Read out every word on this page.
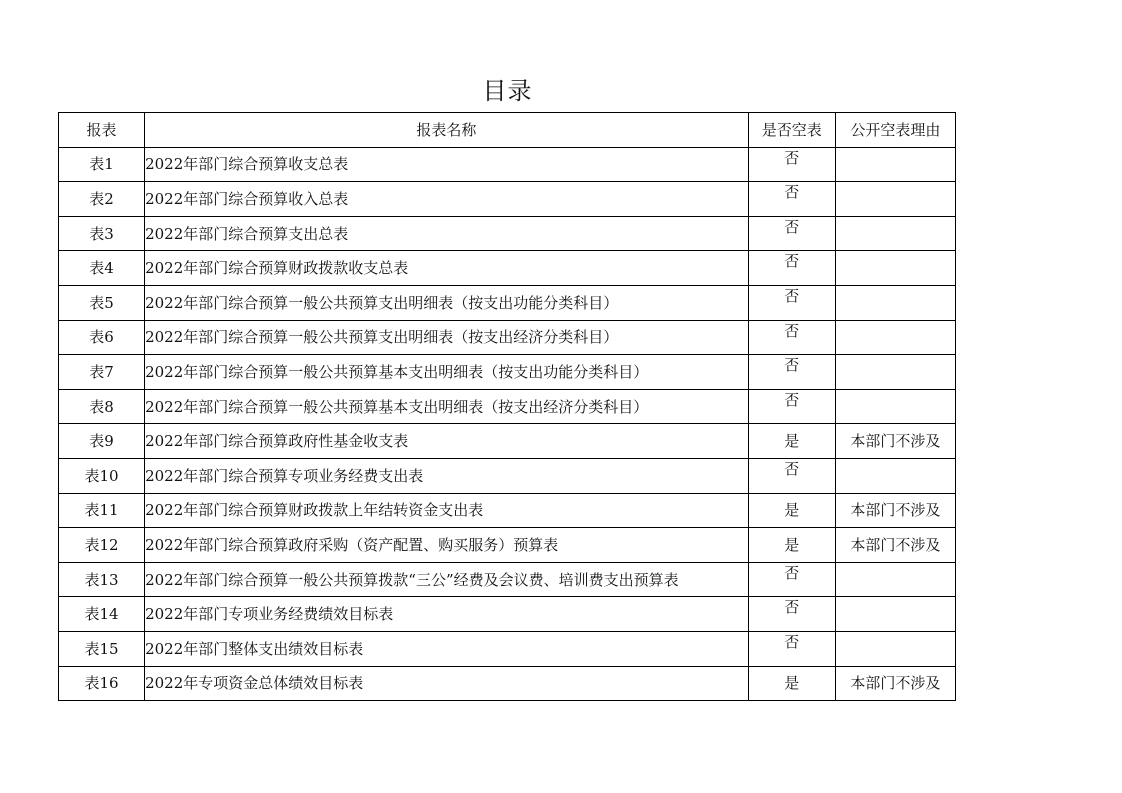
目录
报表	报表名称	是否空表	公开空表理由
表1	2022年部门综合预算收支总表	否	
表2	2022年部门综合预算收入总表	否	
表3	2022年部门综合预算支出总表	否	
表4	2022年部门综合预算财政拨款收支总表	否	
表5	2022年部门综合预算一般公共预算支出明细表（按支出功能分类科目）	否	
表6	2022年部门综合预算一般公共预算支出明细表（按支出经济分类科目）	否	
表7	2022年部门综合预算一般公共预算基本支出明细表（按支出功能分类科目）	否	
表8	2022年部门综合预算一般公共预算基本支出明细表（按支出经济分类科目）	否	
表9	2022年部门综合预算政府性基金收支表	是	本部门不涉及
表10	2022年部门综合预算专项业务经费支出表	否	
表11	2022年部门综合预算财政拨款上年结转资金支出表	是	本部门不涉及
表12	2022年部门综合预算政府采购（资产配置、购买服务）预算表	是	本部门不涉及
表13	2022年部门综合预算一般公共预算拨款“三公”经费及会议费、培训费支出预算表	否	
表14	2022年部门专项业务经费绩效目标表	否	
表15	2022年部门整体支出绩效目标表	否	
表16	2022年专项资金总体绩效目标表	是	本部门不涉及
